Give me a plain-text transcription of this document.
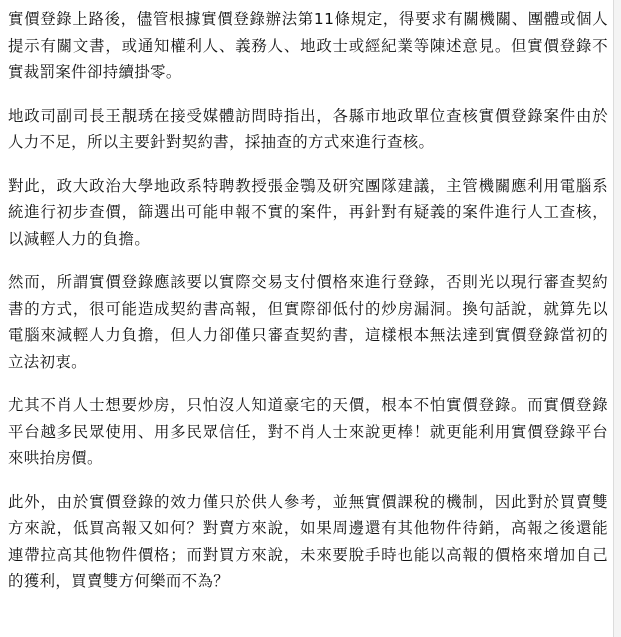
實價登錄上路後，儘管根據實價登錄辦法第11條規定，得要求有關機關、團體或個人提示有關文書，或通知權利人、義務人、地政士或經紀業等陳述意見。但實價登錄不實裁罰案件卻持續掛零。

地政司副司長王靚琇在接受媒體訪問時指出，各縣市地政單位查核實價登錄案件由於人力不足，所以主要針對契約書，採抽查的方式來進行查核。

對此，政大政治大學地政系特聘教授張金鶚及研究團隊建議，主管機關應利用電腦系統進行初步查價，篩選出可能申報不實的案件，再針對有疑義的案件進行人工查核，以減輕人力的負擔。

然而，所謂實價登錄應該要以實際交易支付價格來進行登錄，否則光以現行審查契約書的方式，很可能造成契約書高報，但實際卻低付的炒房漏洞。換句話說，就算先以電腦來減輕人力負擔，但人力卻僅只審查契約書，這樣根本無法達到實價登錄當初的立法初衷。

尤其不肖人士想要炒房，只怕沒人知道豪宅的天價，根本不怕實價登錄。而實價登錄平台越多民眾使用、用多民眾信任，對不肖人士來說更棒！就更能利用實價登錄平台來哄抬房價。

此外，由於實價登錄的效力僅只於供人參考，並無實價課稅的機制，因此對於買賣雙方來說，低買高報又如何？對賣方來說，如果周邊還有其他物件待銷，高報之後還能連帶拉高其他物件價格；而對買方來說，未來要脫手時也能以高報的價格來增加自己的獲利，買賣雙方何樂而不為？
